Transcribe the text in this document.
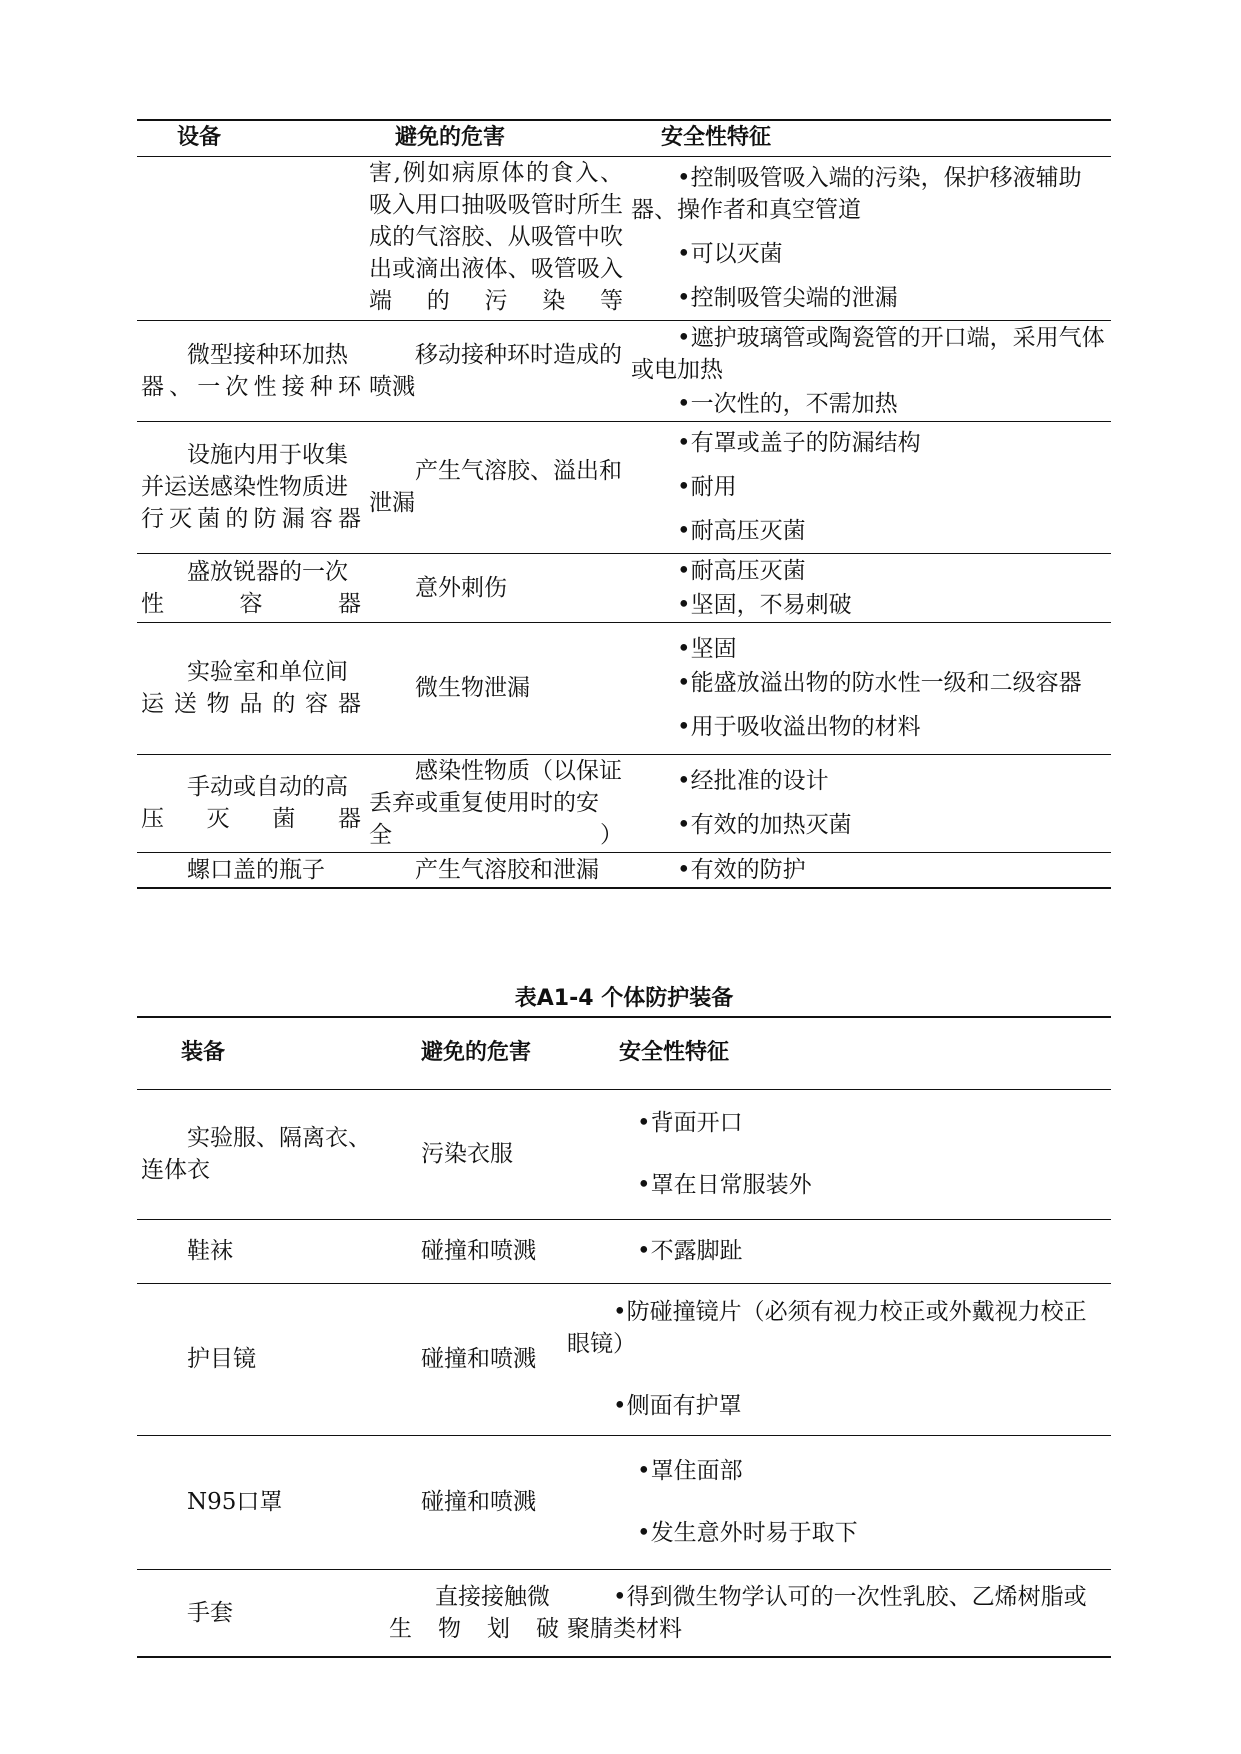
设备	避免的危害	安全性特征

	害,例如病原体的食入、吸入用口抽吸吸管时所生成的气溶胶、从吸管中吹出或滴出液体、吸管吸入端的污染等	•控制吸管吸入端的污染，保护移液辅助器、操作者和真空管道
•可以灭菌
•控制吸管尖端的泄漏

微型接种环加热器、一次性接种环	移动接种环时造成的喷溅	•遮护玻璃管或陶瓷管的开口端，采用气体或电加热
•一次性的，不需加热

设施内用于收集并运送感染性物质进行灭菌的防漏容器	产生气溶胶、溢出和泄漏	•有罩或盖子的防漏结构
•耐用
•耐高压灭菌

盛放锐器的一次性容器	意外刺伤	•耐高压灭菌
•坚固，不易刺破

实验室和单位间运送物品的容器	微生物泄漏	•坚固
•能盛放溢出物的防水性一级和二级容器
•用于吸收溢出物的材料

手动或自动的高压灭菌器	感染性物质（以保证丢弃或重复使用时的安全）	•经批准的设计
•有效的加热灭菌

螺口盖的瓶子	产生气溶胶和泄漏	•有效的防护
表A1-4 个体防护装备
装备	避免的危害	安全性特征
实验服、隔离衣、连体衣	污染衣服	•背面开口
•罩在日常服装外

鞋袜	碰撞和喷溅	•不露脚趾

护目镜	碰撞和喷溅	•防碰撞镜片（必须有视力校正或外戴视力校正眼镜）
•侧面有护罩

N95口罩	碰撞和喷溅	•罩住面部
•发生意外时易于取下

手套	直接接触微生物划破	•得到微生物学认可的一次性乳胶、乙烯树脂或聚腈类材料
